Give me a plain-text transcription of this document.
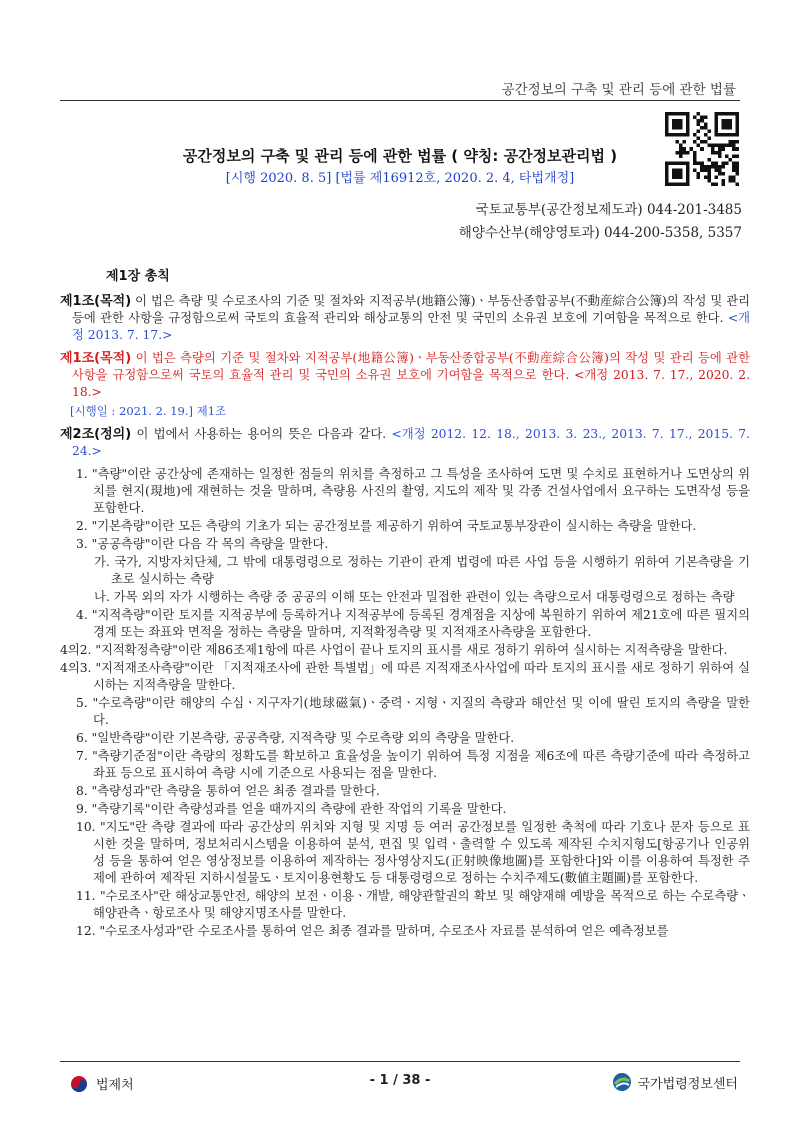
공간정보의 구축 및 관리 등에 관한 법률
공간정보의 구축 및 관리 등에 관한 법률 ( 약칭: 공간정보관리법 )
[시행 2020. 8. 5] [법률 제16912호, 2020. 2. 4, 타법개정]
국토교통부(공간정보제도과) 044-201-3485
해양수산부(해양영토과) 044-200-5358, 5357
제1장 총칙
제1조(목적) 이 법은 측량 및 수로조사의 기준 및 절차와 지적공부(地籍公簿)ㆍ부동산종합공부(不動産綜合公簿)의 작성 및 관리 등에 관한 사항을 규정함으로써 국토의 효율적 관리와 해상교통의 안전 및 국민의 소유권 보호에 기여함을 목적으로 한다. <개정 2013. 7. 17.>
제1조(목적) 이 법은 측량의 기준 및 절차와 지적공부(地籍公簿)ㆍ부동산종합공부(不動産綜合公簿)의 작성 및 관리 등에 관한 사항을 규정함으로써 국토의 효율적 관리 및 국민의 소유권 보호에 기여함을 목적으로 한다. <개정 2013. 7. 17., 2020. 2. 18.>
[시행일 : 2021. 2. 19.] 제1조
제2조(정의) 이 법에서 사용하는 용어의 뜻은 다음과 같다. <개정 2012. 12. 18., 2013. 3. 23., 2013. 7. 17., 2015. 7. 24.>
1. "측량"이란 공간상에 존재하는 일정한 점들의 위치를 측정하고 그 특성을 조사하여 도면 및 수치로 표현하거나 도면상의 위치를 현지(現地)에 재현하는 것을 말하며, 측량용 사진의 촬영, 지도의 제작 및 각종 건설사업에서 요구하는 도면작성 등을 포함한다.
2. "기본측량"이란 모든 측량의 기초가 되는 공간정보를 제공하기 위하여 국토교통부장관이 실시하는 측량을 말한다.
3. "공공측량"이란 다음 각 목의 측량을 말한다.
가. 국가, 지방자치단체, 그 밖에 대통령령으로 정하는 기관이 관계 법령에 따른 사업 등을 시행하기 위하여 기본측량을 기초로 실시하는 측량
나. 가목 외의 자가 시행하는 측량 중 공공의 이해 또는 안전과 밀접한 관련이 있는 측량으로서 대통령령으로 정하는 측량
4. "지적측량"이란 토지를 지적공부에 등록하거나 지적공부에 등록된 경계점을 지상에 복원하기 위하여 제21호에 따른 필지의 경계 또는 좌표와 면적을 정하는 측량을 말하며, 지적확정측량 및 지적재조사측량을 포함한다.
4의2. "지적확정측량"이란 제86조제1항에 따른 사업이 끝나 토지의 표시를 새로 정하기 위하여 실시하는 지적측량을 말한다.
4의3. "지적재조사측량"이란 「지적재조사에 관한 특별법」에 따른 지적재조사사업에 따라 토지의 표시를 새로 정하기 위하여 실시하는 지적측량을 말한다.
5. "수로측량"이란 해양의 수심ㆍ지구자기(地球磁氣)ㆍ중력ㆍ지형ㆍ지질의 측량과 해안선 및 이에 딸린 토지의 측량을 말한다.
6. "일반측량"이란 기본측량, 공공측량, 지적측량 및 수로측량 외의 측량을 말한다.
7. "측량기준점"이란 측량의 정확도를 확보하고 효율성을 높이기 위하여 특정 지점을 제6조에 따른 측량기준에 따라 측정하고 좌표 등으로 표시하여 측량 시에 기준으로 사용되는 점을 말한다.
8. "측량성과"란 측량을 통하여 얻은 최종 결과를 말한다.
9. "측량기록"이란 측량성과를 얻을 때까지의 측량에 관한 작업의 기록을 말한다.
10. "지도"란 측량 결과에 따라 공간상의 위치와 지형 및 지명 등 여러 공간정보를 일정한 축척에 따라 기호나 문자 등으로 표시한 것을 말하며, 정보처리시스템을 이용하여 분석, 편집 및 입력ㆍ출력할 수 있도록 제작된 수치지형도[항공기나 인공위성 등을 통하여 얻은 영상정보를 이용하여 제작하는 정사영상지도(正射映像地圖)를 포함한다]와 이를 이용하여 특정한 주제에 관하여 제작된 지하시설물도ㆍ토지이용현황도 등 대통령령으로 정하는 수치주제도(數値主題圖)를 포함한다.
11. "수로조사"란 해상교통안전, 해양의 보전ㆍ이용ㆍ개발, 해양관할권의 확보 및 해양재해 예방을 목적으로 하는 수로측량ㆍ해양관측ㆍ항로조사 및 해양지명조사를 말한다.
12. "수로조사성과"란 수로조사를 통하여 얻은 최종 결과를 말하며, 수로조사 자료를 분석하여 얻은 예측정보를
법제처	- 1 / 38 -	국가법령정보센터
